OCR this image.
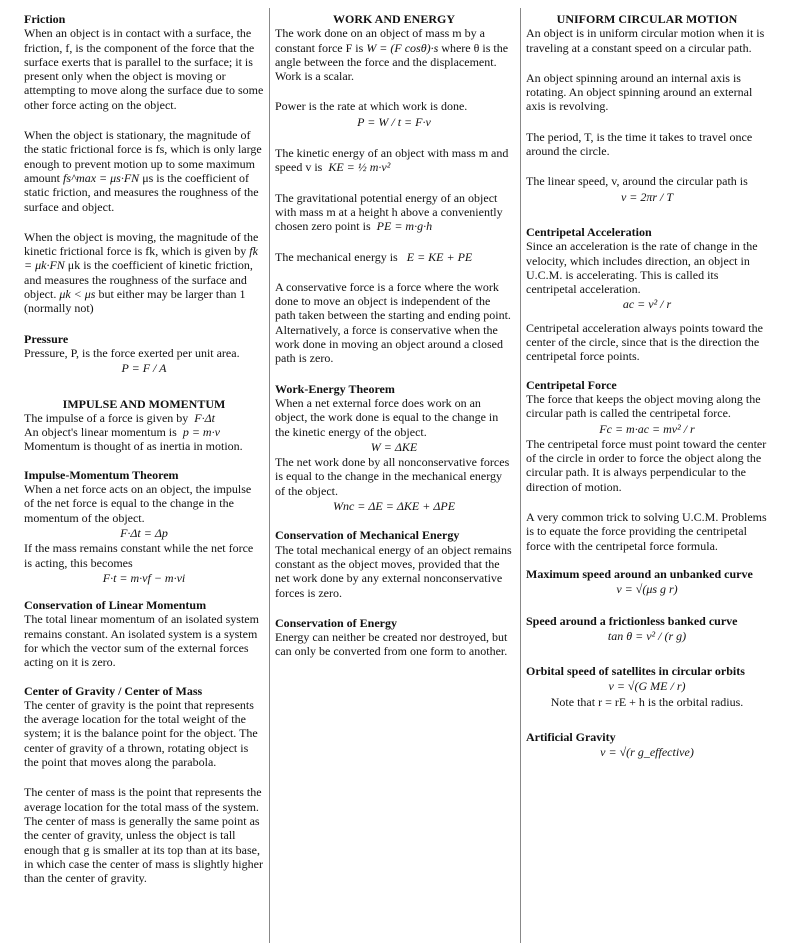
Friction

When an object is in contact with a surface, the friction, f, is the component of the force that the surface exerts that is parallel to the surface; it is present only when the object is moving or attempting to move along the surface due to some other force acting on the object.

When the object is stationary, the magnitude of the static frictional force is fs, which is only large enough to prevent motion up to some maximum amount fs^max = μs·FN μs is the coefficient of static friction, and measures the roughness of the surface and object.

When the object is moving, the magnitude of the kinetic frictional force is fk, which is given by fk = μk·FN μk is the coefficient of kinetic friction, and measures the roughness of the surface and object. μk < μs but either may be larger than 1 (normally not)

Pressure

Pressure, P, is the force exerted per unit area.

P = F / A

IMPULSE AND MOMENTUM

The impulse of a force is given by F·Δt

An object's linear momentum is p = m·v

Momentum is thought of as inertia in motion.

Impulse-Momentum Theorem

When a net force acts on an object, the impulse of the net force is equal to the change in the momentum of the object.

F·Δt = Δp

If the mass remains constant while the net force is acting, this becomes

F·t = m·vf − m·vi

Conservation of Linear Momentum

The total linear momentum of an isolated system remains constant. An isolated system is a system for which the vector sum of the external forces acting on it is zero.

Center of Gravity / Center of Mass

The center of gravity is the point that represents the average location for the total weight of the system; it is the balance point for the object. The center of gravity of a thrown, rotating object is the point that moves along the parabola.

The center of mass is the point that represents the average location for the total mass of the system. The center of mass is generally the same point as the center of gravity, unless the object is tall enough that g is smaller at its top than at its base, in which case the center of mass is slightly higher than the center of gravity.

WORK AND ENERGY

The work done on an object of mass m by a constant force F is W = (F cosθ)·s where θ is the angle between the force and the displacement. Work is a scalar.

Power is the rate at which work is done.

P = W / t = F·v

The kinetic energy of an object with mass m and speed v is KE = ½ m·v²

The gravitational potential energy of an object with mass m at a height h above a conveniently chosen zero point is PE = m·g·h

The mechanical energy is E = KE + PE

A conservative force is a force where the work done to move an object is independent of the path taken between the starting and ending point. Alternatively, a force is conservative when the work done in moving an object around a closed path is zero.

Work-Energy Theorem

When a net external force does work on an object, the work done is equal to the change in the kinetic energy of the object.

W = ΔKE

The net work done by all nonconservative forces is equal to the change in the mechanical energy of the object.

Wnc = ΔE = ΔKE + ΔPE

Conservation of Mechanical Energy

The total mechanical energy of an object remains constant as the object moves, provided that the net work done by any external nonconservative forces is zero.

Conservation of Energy

Energy can neither be created nor destroyed, but can only be converted from one form to another.

UNIFORM CIRCULAR MOTION

An object is in uniform circular motion when it is traveling at a constant speed on a circular path.

An object spinning around an internal axis is rotating. An object spinning around an external axis is revolving.

The period, T, is the time it takes to travel once around the circle.

The linear speed, v, around the circular path is

v = 2πr / T

Centripetal Acceleration

Since an acceleration is the rate of change in the velocity, which includes direction, an object in U.C.M. is accelerating. This is called its centripetal acceleration.

ac = v² / r

Centripetal acceleration always points toward the center of the circle, since that is the direction the centripetal force points.

Centripetal Force

The force that keeps the object moving along the circular path is called the centripetal force.

Fc = m·ac = mv² / r

The centripetal force must point toward the center of the circle in order to force the object along the circular path. It is always perpendicular to the direction of motion.

A very common trick to solving U.C.M. Problems is to equate the force providing the centripetal force with the centripetal force formula.

Maximum speed around an unbanked curve

v = √(μs g r)

Speed around a frictionless banked curve

tan θ = v² / (r g)

Orbital speed of satellites in circular orbits

v = √(G ME / r)

Note that r = rE + h is the orbital radius.

Artificial Gravity

v = √(r g_effective)
